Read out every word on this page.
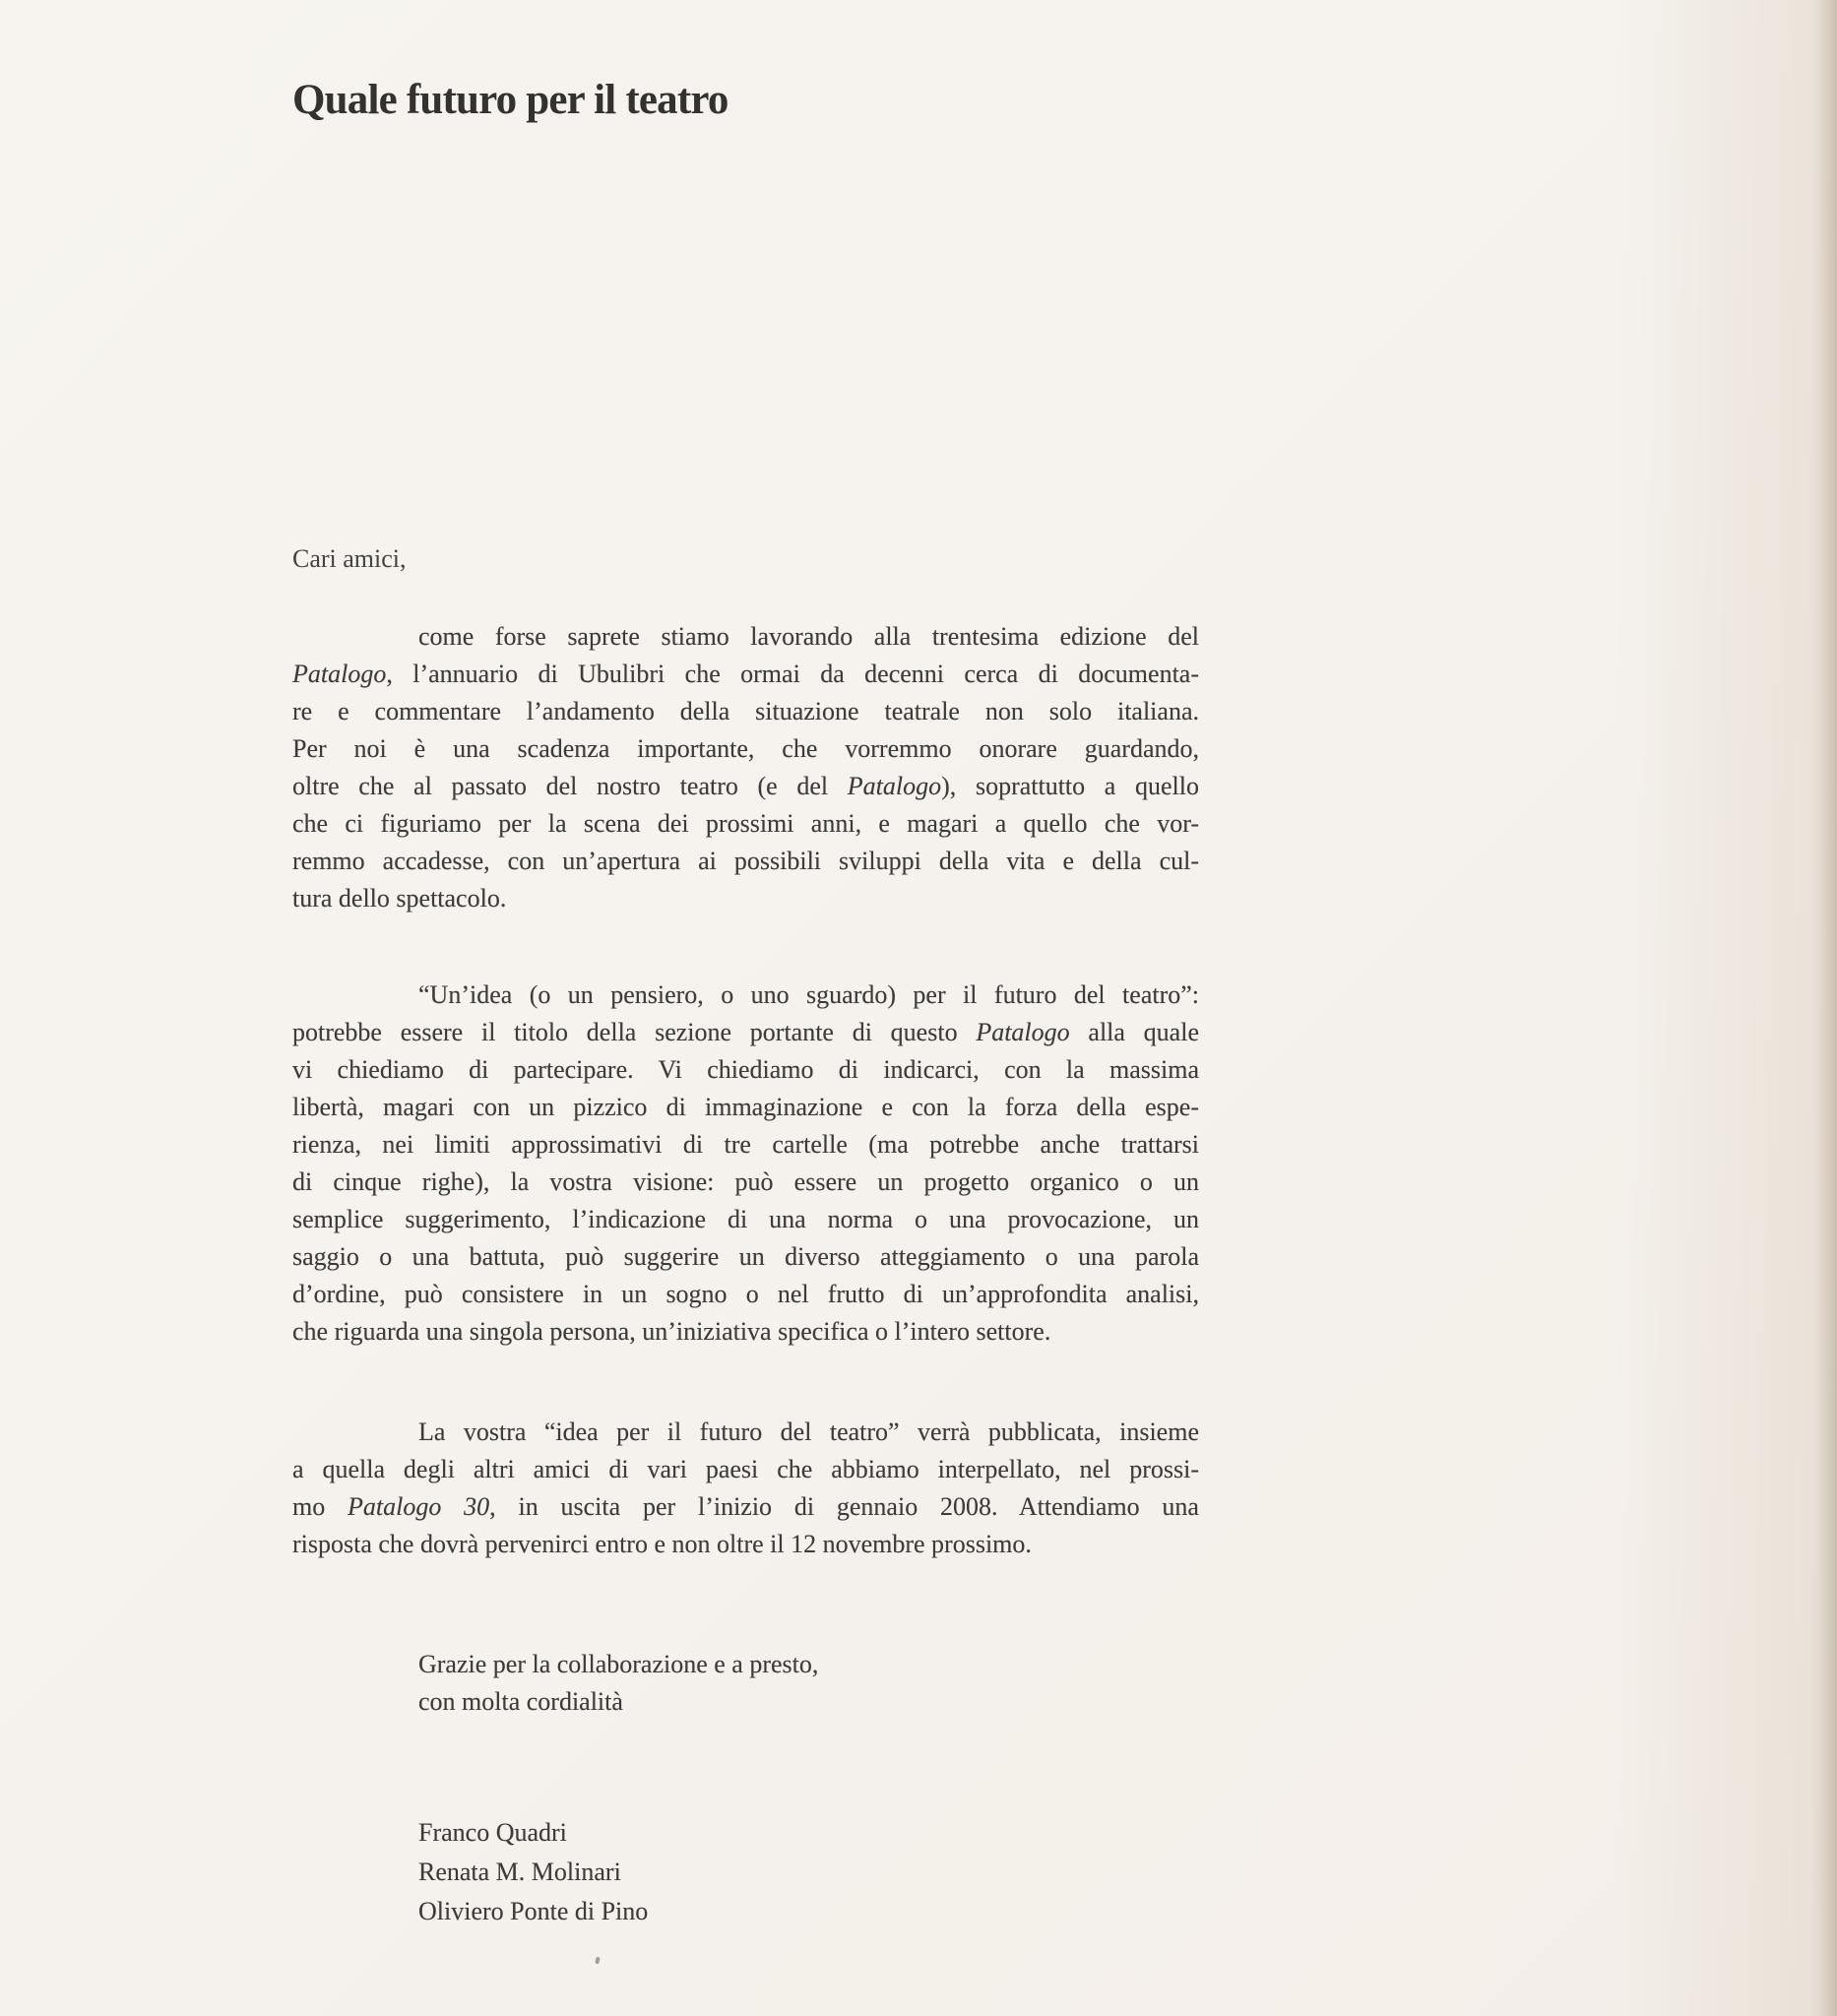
Quale futuro per il teatro
Cari amici,
come forse saprete stiamo lavorando alla trentesima edizione del
Patalogo, l’annuario di Ubulibri che ormai da decenni cerca di documenta-
re e commentare l’andamento della situazione teatrale non solo italiana.
Per noi è una scadenza importante, che vorremmo onorare guardando,
oltre che al passato del nostro teatro (e del Patalogo), soprattutto a quello
che ci figuriamo per la scena dei prossimi anni, e magari a quello che vor-
remmo accadesse, con un’apertura ai possibili sviluppi della vita e della cul-
tura dello spettacolo.
“Un’idea (o un pensiero, o uno sguardo) per il futuro del teatro”:
potrebbe essere il titolo della sezione portante di questo Patalogo alla quale
vi chiediamo di partecipare. Vi chiediamo di indicarci, con la massima
libertà, magari con un pizzico di immaginazione e con la forza della espe-
rienza, nei limiti approssimativi di tre cartelle (ma potrebbe anche trattarsi
di cinque righe), la vostra visione: può essere un progetto organico o un
semplice suggerimento, l’indicazione di una norma o una provocazione, un
saggio o una battuta, può suggerire un diverso atteggiamento o una parola
d’ordine, può consistere in un sogno o nel frutto di un’approfondita analisi,
che riguarda una singola persona, un’iniziativa specifica o l’intero settore.
La vostra “idea per il futuro del teatro” verrà pubblicata, insieme
a quella degli altri amici di vari paesi che abbiamo interpellato, nel prossi-
mo Patalogo 30, in uscita per l’inizio di gennaio 2008. Attendiamo una
risposta che dovrà pervenirci entro e non oltre il 12 novembre prossimo.
Grazie per la collaborazione e a presto,
con molta cordialità
Franco Quadri
Renata M. Molinari
Oliviero Ponte di Pino
